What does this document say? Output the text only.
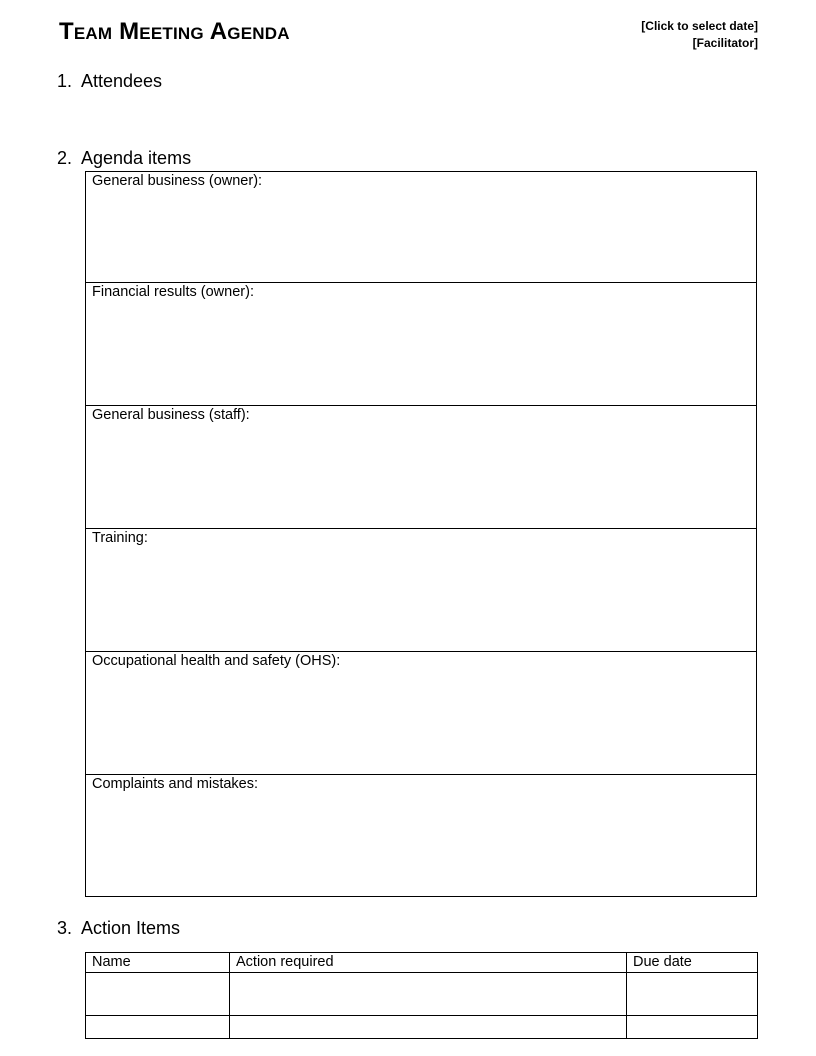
Team Meeting Agenda	[Click to select date]
[Facilitator]
1. Attendees
2. Agenda items
General business (owner):
Financial results (owner):
General business (staff):
Training:
Occupational health and safety (OHS):
Complaints and mistakes:
3. Action Items
Name	Action required	Due date
